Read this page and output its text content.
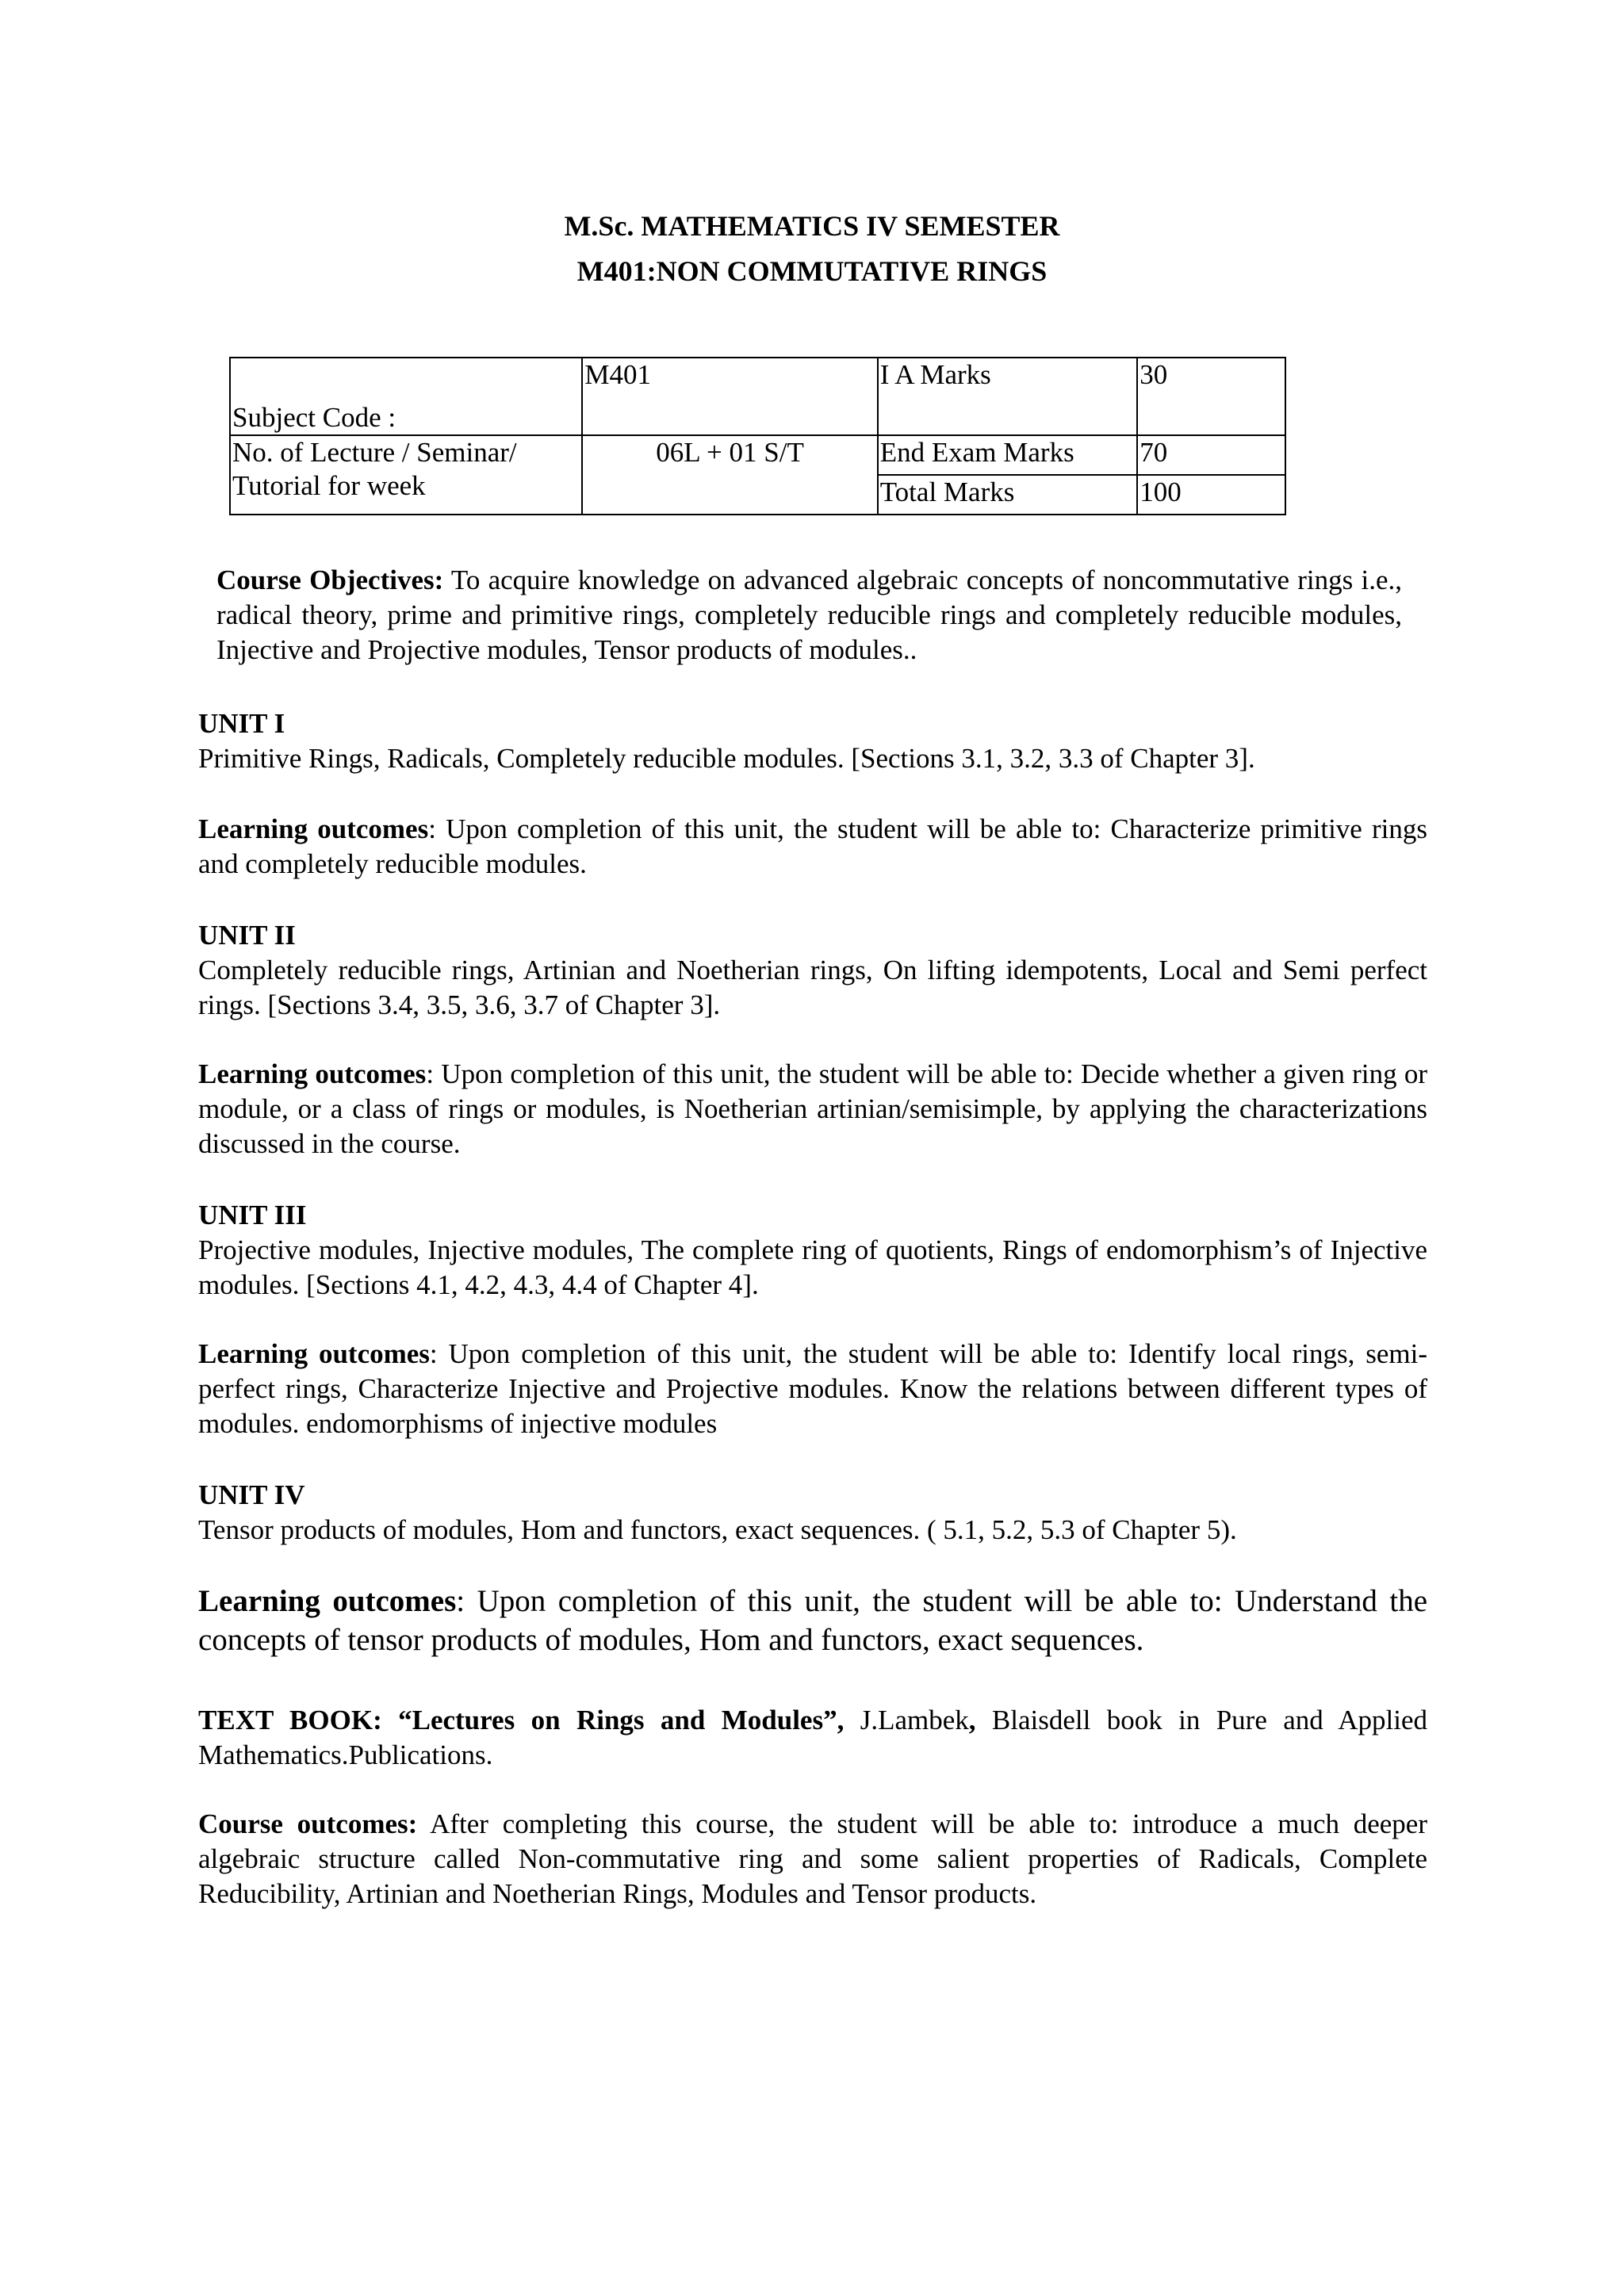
M.Sc. MATHEMATICS IV SEMESTER
M401:NON COMMUTATIVE RINGS
Subject Code :	M401	I A Marks	30

No. of Lecture / Seminar/
Tutorial for week	06L + 01 S/T	End Exam Marks	70
		Total Marks	100
Course Objectives: To acquire knowledge on advanced algebraic concepts of noncommutative rings i.e., radical theory, prime and primitive rings, completely reducible rings and completely reducible modules, Injective and Projective modules, Tensor products of modules..
UNIT I
Primitive Rings, Radicals, Completely reducible modules. [Sections 3.1, 3.2, 3.3 of Chapter 3].
Learning outcomes: Upon completion of this unit, the student will be able to: Characterize primitive rings and completely reducible modules.
UNIT II
Completely reducible rings, Artinian and Noetherian rings, On lifting idempotents, Local and Semi perfect rings. [Sections 3.4, 3.5, 3.6, 3.7 of Chapter 3].
Learning outcomes: Upon completion of this unit, the student will be able to: Decide whether a given ring or module, or a class of rings or modules, is Noetherian artinian/semisimple, by applying the characterizations discussed in the course.
UNIT III
Projective modules, Injective modules, The complete ring of quotients, Rings of endomorphism’s of Injective modules. [Sections 4.1, 4.2, 4.3, 4.4 of Chapter 4].
Learning outcomes: Upon completion of this unit, the student will be able to: Identify local rings, semi-perfect rings, Characterize Injective and Projective modules. Know the relations between different types of modules. endomorphisms of injective modules
UNIT IV
Tensor products of modules, Hom and functors, exact sequences. ( 5.1, 5.2, 5.3 of Chapter 5).
Learning outcomes: Upon completion of this unit, the student will be able to: Understand the concepts of tensor products of modules, Hom and functors, exact sequences.
TEXT BOOK: “Lectures on Rings and Modules”, J.Lambek, Blaisdell book in Pure and Applied Mathematics.Publications.
Course outcomes: After completing this course, the student will be able to: introduce a much deeper algebraic structure called Non-commutative ring and some salient properties of Radicals, Complete Reducibility, Artinian and Noetherian Rings, Modules and Tensor products.
